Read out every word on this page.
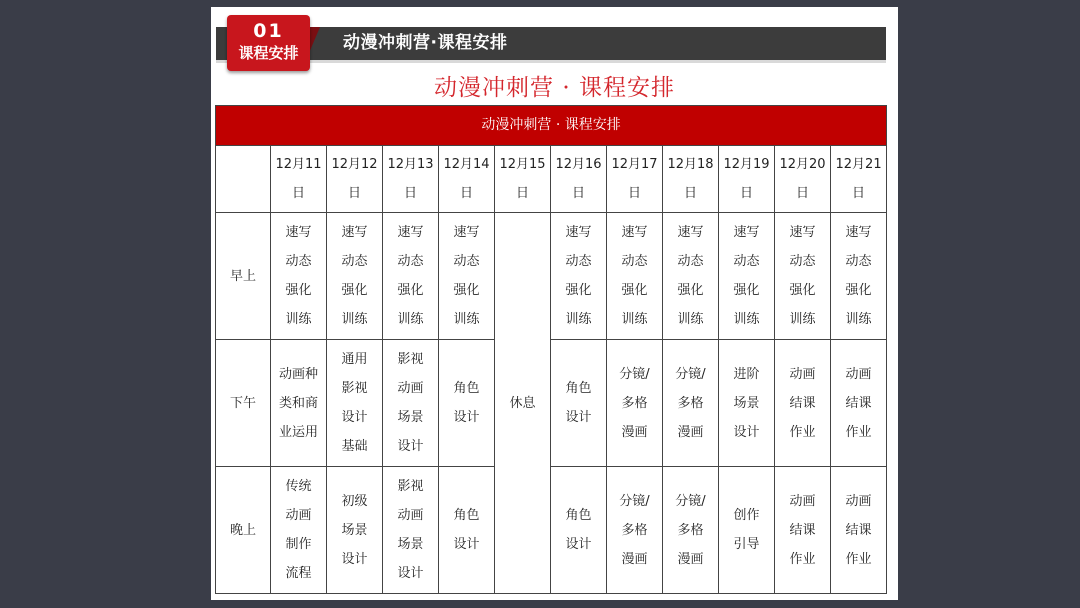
动漫冲刺营·课程安排
01
课程安排
动漫冲刺营 · 课程安排
动漫冲刺营 · 课程安排											

	12月11
日	12月12
日	12月13
日	12月14
日	12月15
日	12月16
日	12月17
日	12月18
日	12月19
日	12月20
日	12月21
日

早上	速写
动态
强化
训练	速写
动态
强化
训练	速写
动态
强化
训练	速写
动态
强化
训练	休息	速写
动态
强化
训练	速写
动态
强化
训练	速写
动态
强化
训练	速写
动态
强化
训练	速写
动态
强化
训练	速写
动态
强化
训练

下午	动画种
类和商
业运用	通用
影视
设计
基础	影视
动画
场景
设计	角色
设计		角色
设计	分镜/
多格
漫画	分镜/
多格
漫画	进阶
场景
设计	动画
结课
作业	动画
结课
作业

晚上	传统
动画
制作
流程	初级
场景
设计	影视
动画
场景
设计	角色
设计		角色
设计	分镜/
多格
漫画	分镜/
多格
漫画	创作
引导	动画
结课
作业	动画
结课
作业
